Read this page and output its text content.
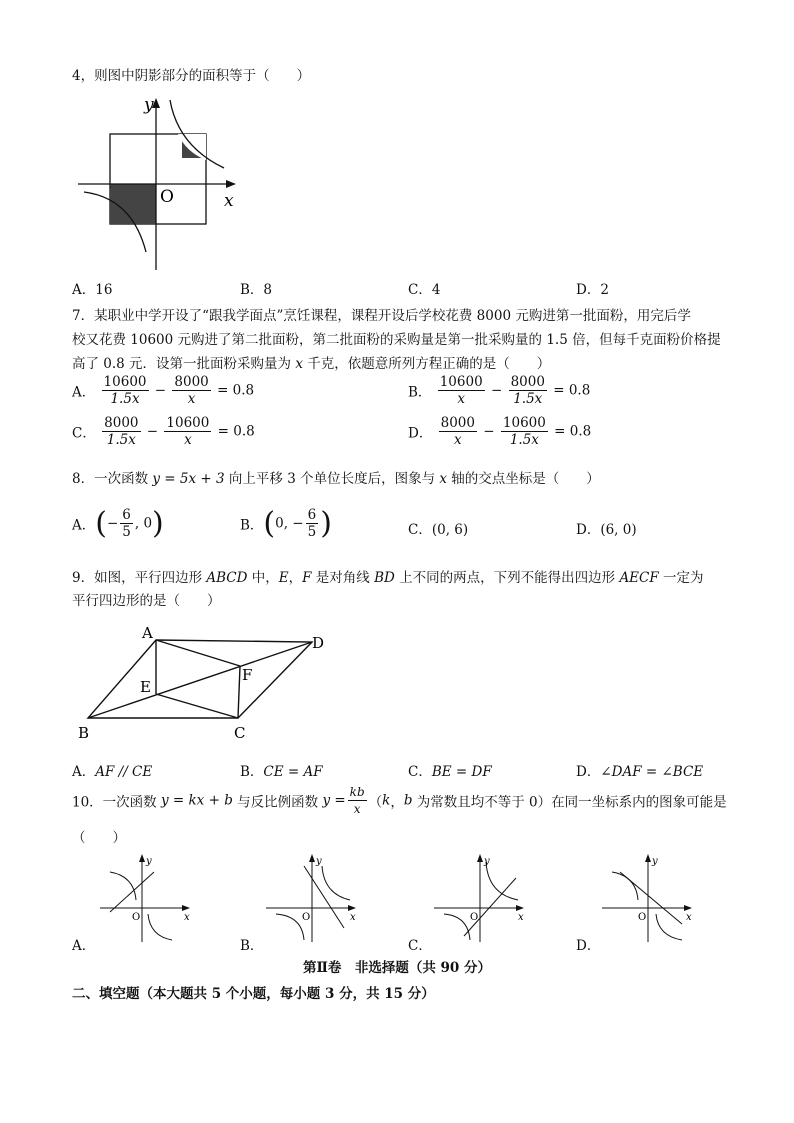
4，则图中阴影部分的面积等于（　　）
y
x
O
A．16	B．8	C．4	D．2
7．某职业中学开设了“跟我学面点”烹饪课程，课程开设后学校花费 8000 元购进第一批面粉，用完后学
校又花费 10600 元购进了第二批面粉，第二批面粉的采购量是第一批采购量的 1.5 倍，但每千克面粉价格提
高了 0.8 元．设第一批面粉采购量为 x 千克，依题意所列方程正确的是（　　）
A． $\frac{10600}{1.5x} - \frac{8000}{x} = 0.8$	B． $\frac{10600}{x} - \frac{8000}{1.5x} = 0.8$
C． $\frac{8000}{1.5x} - \frac{10600}{x} = 0.8$	D． $\frac{8000}{x} - \frac{10600}{1.5x} = 0.8$
8．一次函数 y = 5x + 3 向上平移 3 个单位长度后，图象与 x 轴的交点坐标是（　　）
A．(− $\frac{6}{5}$ , 0)	B．(0, − $\frac{6}{5}$ )	C．(0, 6)	D．(6, 0)
9．如图，平行四边形 ABCD 中，E，F 是对角线 BD 上不同的两点，下列不能得出四边形 AECF 一定为
平行四边形的是（　　）
A
D
B	C
E
F
A．AF // CE	B．CE = AF	C．BE = DF	D．∠DAF = ∠BCE
10．一次函数 y = kx + b 与反比例函数 $y = \frac{kb}{x} (k$，b 为常数且均不等于 0）在同一坐标系内的图象可能是
（　　）
y
x
O
y
x
O
y
x
O
y
x
O
A．	B．	C．	D．
第Ⅱ卷　非选择题（共 90 分）
二、填空题（本大题共 5 个小题，每小题 3 分，共 15 分）
